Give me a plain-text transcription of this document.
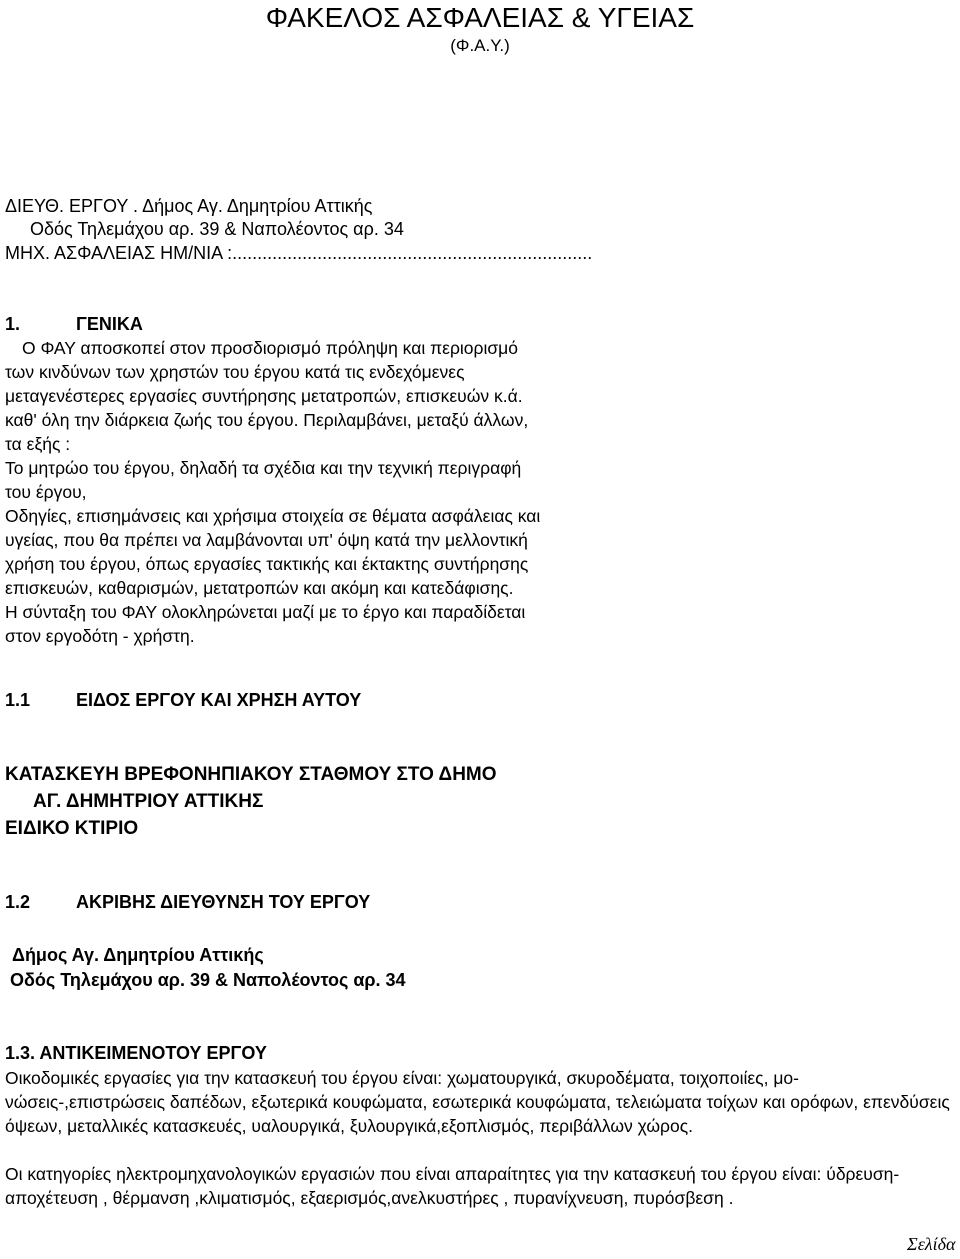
ΦΑΚΕΛΟΣ ΑΣΦΑΛΕΙΑΣ & ΥΓΕΙΑΣ
(Φ.Α.Υ.)
ΔΙΕΥΘ. ΕΡΓΟΥ . Δήμος Αγ. Δημητρίου Αττικής
Οδός Τηλεμάχου αρ. 39 & Ναπολέοντος αρ. 34
ΜΗΧ. ΑΣΦΑΛΕΙΑΣ ΗΜ/ΝΙΑ :........................................................................
1.	ΓΕΝΙΚΑ
Ο ΦΑΥ αποσκοπεί στον προσδιορισμό πρόληψη και περιορισμό
των κινδύνων των χρηστών του έργου κατά τις ενδεχόμενες
μεταγενέστερες εργασίες συντήρησης μετατροπών, επισκευών κ.ά.
καθ' όλη την διάρκεια ζωής του έργου. Περιλαμβάνει, μεταξύ άλλων,
τα εξής :
Το μητρώο του έργου, δηλαδή τα σχέδια και την τεχνική περιγραφή
του έργου,
Οδηγίες, επισημάνσεις και χρήσιμα στοιχεία σε θέματα ασφάλειας και
υγείας, που θα πρέπει να λαμβάνονται υπ' όψη κατά την μελλοντική
χρήση του έργου, όπως εργασίες τακτικής και έκτακτης συντήρησης
επισκευών, καθαρισμών, μετατροπών και ακόμη και κατεδάφισης.
Η σύνταξη του ΦΑΥ ολοκληρώνεται μαζί με το έργο και παραδίδεται
στον εργοδότη - χρήστη.
1.1	ΕΙΔΟΣ ΕΡΓΟΥ ΚΑΙ ΧΡΗΣΗ ΑΥΤΟΥ
ΚΑΤΑΣΚΕΥΗ ΒΡΕΦΟΝΗΠΙΑΚΟΥ ΣΤΑΘΜΟΥ ΣΤΟ ΔΗΜΟ
ΑΓ. ΔΗΜΗΤΡΙΟΥ ΑΤΤΙΚΗΣ
ΕΙΔΙΚΟ ΚΤΙΡΙΟ
1.2	ΑΚΡΙΒΗΣ ΔΙΕΥΘΥΝΣΗ ΤΟΥ ΕΡΓΟΥ
Δήμος Αγ. Δημητρίου Αττικής
Οδός Τηλεμάχου αρ. 39 & Ναπολέοντος αρ. 34
1.3. ΑΝΤΙΚΕΙΜΕΝΟΤΟΥ ΕΡΓΟΥ

Οικοδομικές εργασίες για την κατασκευή του έργου είναι: χωματουργικά, σκυροδέματα, τοιχοποιίες, μο-νώσεις-,επιστρώσεις δαπέδων, εξωτερικά κουφώματα, εσωτερικά κουφώματα, τελειώματα τοίχων και ορόφων, επενδύσεις όψεων, μεταλλικές κατασκευές, υαλουργικά, ξυλουργικά,εξοπλισμός, περιβάλλων χώρος.

Οι κατηγορίες ηλεκτρομηχανολογικών εργασιών που είναι απαραίτητες για την κατασκευή του έργου είναι: ύδρευση- αποχέτευση , θέρμανση ,κλιματισμός, εξαερισμός,ανελκυστήρες , πυρανίχνευση, πυρόσβεση .

Σελίδα
